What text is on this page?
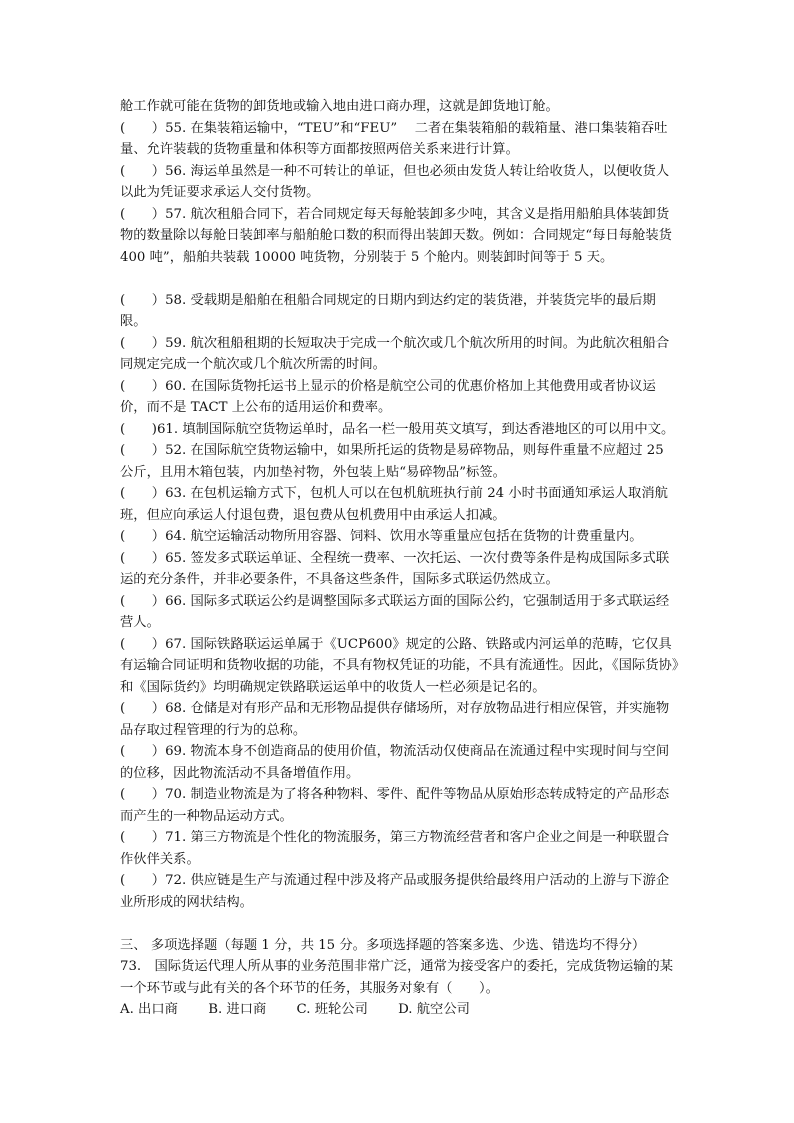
舱工作就可能在货物的卸货地或输入地由进口商办理，这就是卸货地订舱。

(　　）55. 在集装箱运输中，“TEU”和“FEU” 　二者在集装箱船的载箱量、港口集装箱吞吐量、允许装载的货物重量和体积等方面都按照两倍关系来进行计算。

(　　）56. 海运单虽然是一种不可转让的单证，但也必须由发货人转让给收货人，以便收货人以此为凭证要求承运人交付货物。

(　　）57. 航次租船合同下，若合同规定每天每舱装卸多少吨，其含义是指用船舶具体装卸货物的数量除以每舱日装卸率与船舶舱口数的积而得出装卸天数。例如：合同规定“每日每舱装货 400 吨”，船舶共装载 10000 吨货物，分别装于 5 个舱内。则装卸时间等于 5 天。

(　　）58. 受载期是船舶在租船合同规定的日期内到达约定的装货港，并装货完毕的最后期限。

(　　）59. 航次租船租期的长短取决于完成一个航次或几个航次所用的时间。为此航次租船合同规定完成一个航次或几个航次所需的时间。

(　　）60. 在国际货物托运书上显示的价格是航空公司的优惠价格加上其他费用或者协议运价，而不是 TACT 上公布的适用运价和费率。

(　　)61. 填制国际航空货物运单时，品名一栏一般用英文填写，到达香港地区的可以用中文。

(　　）52. 在国际航空货物运输中，如果所托运的货物是易碎物品，则每件重量不应超过 25 公斤，且用木箱包装，内加垫衬物，外包装上贴“易碎物品”标签。

(　　）63. 在包机运输方式下，包机人可以在包机航班执行前 24 小时书面通知承运人取消航班，但应向承运人付退包费，退包费从包机费用中由承运人扣减。

(　　）64. 航空运输活动物所用容器、饲料、饮用水等重量应包括在货物的计费重量内。

(　　）65. 签发多式联运单证、全程统一费率、一次托运、一次付费等条件是构成国际多式联运的充分条件，并非必要条件，不具备这些条件，国际多式联运仍然成立。

(　　）66. 国际多式联运公约是调整国际多式联运方面的国际公约，它强制适用于多式联运经营人。

(　　）67. 国际铁路联运运单属于《UCP600》规定的公路、铁路或内河运单的范畴，它仅具有运输合同证明和货物收据的功能，不具有物权凭证的功能，不具有流通性。因此，《国际货协》和《国际货约》均明确规定铁路联运运单中的收货人一栏必须是记名的。

(　　）68. 仓储是对有形产品和无形物品提供存储场所，对存放物品进行相应保管，并实施物品存取过程管理的行为的总称。

(　　）69. 物流本身不创造商品的使用价值，物流活动仅使商品在流通过程中实现时间与空间的位移，因此物流活动不具备增值作用。

(　　）70. 制造业物流是为了将各种物料、零件、配件等物品从原始形态转成特定的产品形态而产生的一种物品运动方式。

(　　）71. 第三方物流是个性化的物流服务，第三方物流经营者和客户企业之间是一种联盟合作伙伴关系。

(　　）72. 供应链是生产与流通过程中涉及将产品或服务提供给最终用户活动的上游与下游企业所形成的网状结构。

三、 多项选择题（每题 1 分，共 15 分。多项选择题的答案多选、少选、错选均不得分）

73.　国际货运代理人所从事的业务范围非常广泛，通常为接受客户的委托，完成货物运输的某一个环节或与此有关的各个环节的任务，其服务对象有（　　）。

A. 出口商 B. 进口商 C. 班轮公司 D. 航空公司
